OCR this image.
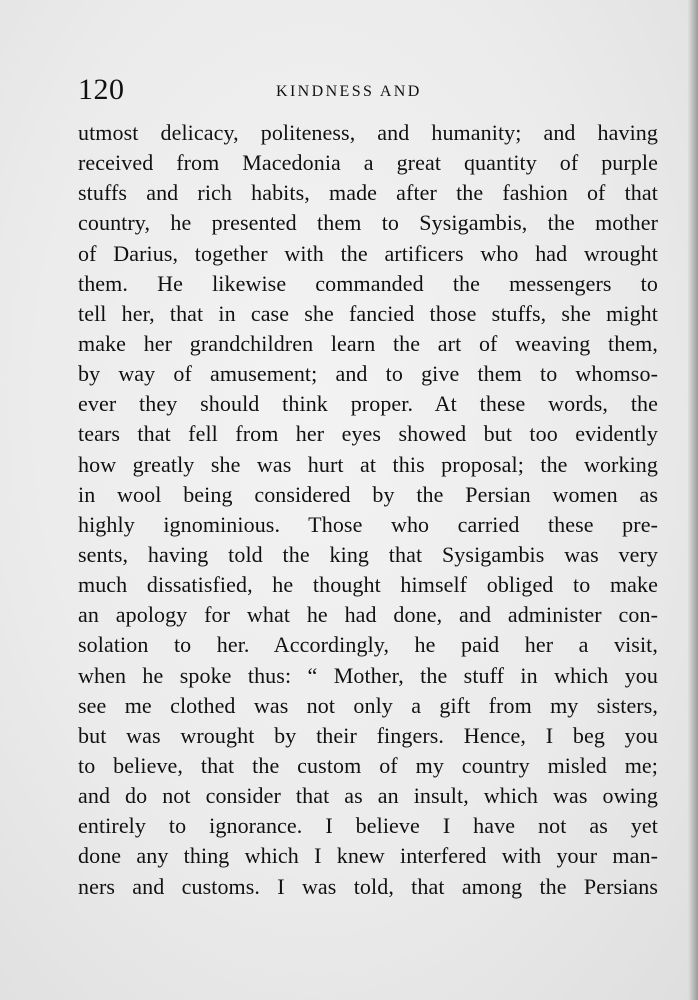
120	KINDNESS AND
utmost delicacy, politeness, and humanity; and having
received from Macedonia a great quantity of purple
stuffs and rich habits, made after the fashion of that
country, he presented them to Sysigambis, the mother
of Darius, together with the artificers who had wrought
them. He likewise commanded the messengers to
tell her, that in case she fancied those stuffs, she might
make her grandchildren learn the art of weaving them,
by way of amusement; and to give them to whomso-
ever they should think proper. At these words, the
tears that fell from her eyes showed but too evidently
how greatly she was hurt at this proposal; the working
in wool being considered by the Persian women as
highly ignominious. Those who carried these pre-
sents, having told the king that Sysigambis was very
much dissatisfied, he thought himself obliged to make
an apology for what he had done, and administer con-
solation to her. Accordingly, he paid her a visit,
when he spoke thus: “ Mother, the stuff in which you
see me clothed was not only a gift from my sisters,
but was wrought by their fingers. Hence, I beg you
to believe, that the custom of my country misled me;
and do not consider that as an insult, which was owing
entirely to ignorance. I believe I have not as yet
done any thing which I knew interfered with your man-
ners and customs. I was told, that among the Persians
